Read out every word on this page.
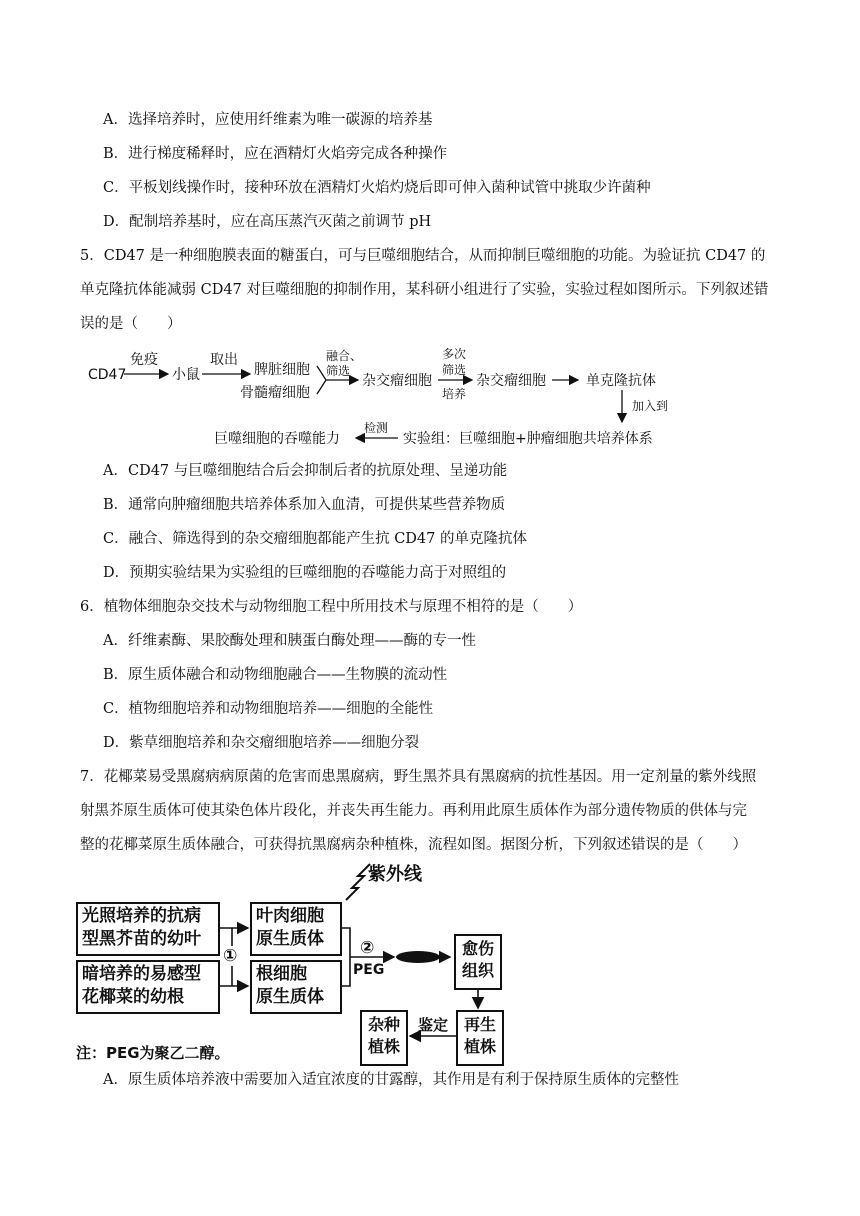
A．选择培养时，应使用纤维素为唯一碳源的培养基
B．进行梯度稀释时，应在酒精灯火焰旁完成各种操作
C．平板划线操作时，接种环放在酒精灯火焰灼烧后即可伸入菌种试管中挑取少许菌种
D．配制培养基时，应在高压蒸汽灭菌之前调节 pH
5．CD47 是一种细胞膜表面的糖蛋白，可与巨噬细胞结合，从而抑制巨噬细胞的功能。为验证抗 CD47 的
单克隆抗体能减弱 CD47 对巨噬细胞的抑制作用，某科研小组进行了实验，实验过程如图所示。下列叙述错
误的是（　　）
CD47
免疫
小鼠
取出
脾脏细胞
骨髓瘤细胞
融合、
筛选
杂交瘤细胞
多次
筛选
培养
杂交瘤细胞	单克隆抗体
加入到
实验组：巨噬细胞+肿瘤细胞共培养体系
检测
巨噬细胞的吞噬能力
A．CD47 与巨噬细胞结合后会抑制后者的抗原处理、呈递功能
B．通常向肿瘤细胞共培养体系加入血清，可提供某些营养物质
C．融合、筛选得到的杂交瘤细胞都能产生抗 CD47 的单克隆抗体
D．预期实验结果为实验组的巨噬细胞的吞噬能力高于对照组的
6．植物体细胞杂交技术与动物细胞工程中所用技术与原理不相符的是（　　）
A．纤维素酶、果胶酶处理和胰蛋白酶处理——酶的专一性
B．原生质体融合和动物细胞融合——生物膜的流动性
C．植物细胞培养和动物细胞培养——细胞的全能性
D．紫草细胞培养和杂交瘤细胞培养——细胞分裂
7．花椰菜易受黑腐病病原菌的危害而患黑腐病，野生黑芥具有黑腐病的抗性基因。用一定剂量的紫外线照
射黑芥原生质体可使其染色体片段化，并丧失再生能力。再利用此原生质体作为部分遗传物质的供体与完
整的花椰菜原生质体融合，可获得抗黑腐病杂种植株，流程如图。据图分析，下列叙述错误的是（　　）
紫外线
光照培养的抗病
型黑芥苗的幼叶
暗培养的易感型
花椰菜的幼根
①
叶肉细胞
原生质体
根细胞
原生质体
②
PEG
愈伤
组织
再生
植株
鉴定
杂种
植株
注：PEG为聚乙二醇。
A．原生质体培养液中需要加入适宜浓度的甘露醇，其作用是有利于保持原生质体的完整性
